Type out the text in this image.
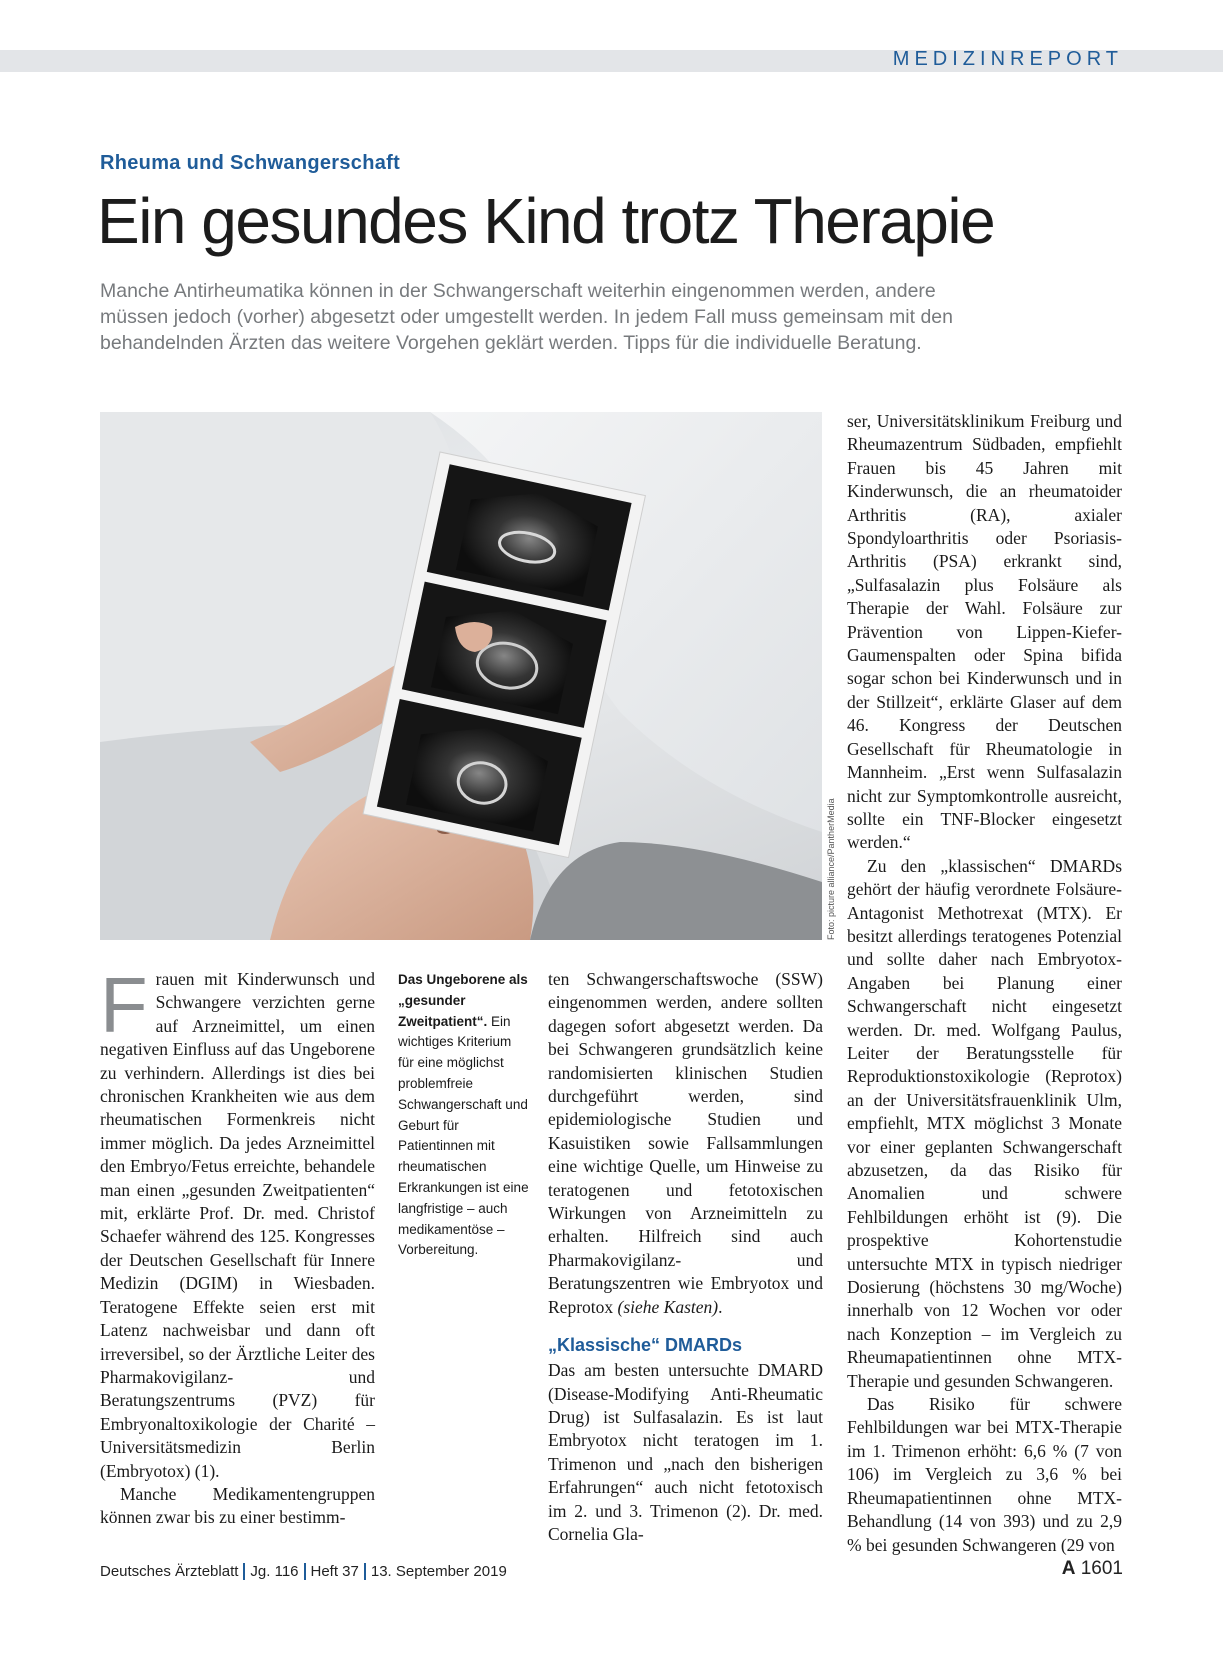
MEDIZINREPORT
Rheuma und Schwangerschaft
Ein gesundes Kind trotz Therapie

Manche Antirheumatika können in der Schwangerschaft weiterhin eingenommen werden, andere müssen jedoch (vorher) abgesetzt oder umgestellt werden. In jedem Fall muss gemeinsam mit den behandelnden Ärzten das weitere Vorgehen geklärt werden. Tipps für die individuelle Beratung.

Foto: picture alliance/PantherMedia
F rauen mit Kinderwunsch und Schwangere verzichten gerne auf Arzneimittel, um einen negativen Einfluss auf das Ungeborene zu verhindern. Allerdings ist dies bei chronischen Krankheiten wie aus dem rheumatischen Formenkreis nicht immer möglich. Da jedes Arzneimittel den Embryo/Fetus erreichte, behandele man einen „gesunden Zweitpatienten“ mit, erklärte Prof. Dr. med. Christof Schaefer während des 125. Kongresses der Deutschen Gesellschaft für Innere Medizin (DGIM) in Wiesbaden. Teratogene Effekte seien erst mit Latenz nachweisbar und dann oft irreversibel, so der Ärztliche Leiter des Pharmakovigilanz- und Beratungszentrums (PVZ) für Embryonaltoxikologie der Charité – Universitätsmedizin Berlin (Embryotox) (1).

Manche Medikamentengruppen können zwar bis zu einer bestimm-

Das Ungeborene als „gesunder Zweitpatient“. Ein wichtiges Kriterium für eine möglichst problemfreie Schwangerschaft und Geburt für Patientinnen mit rheumatischen Erkrankungen ist eine langfristige – auch medikamentöse – Vorbereitung.

ten Schwangerschaftswoche (SSW) eingenommen werden, andere sollten dagegen sofort abgesetzt werden. Da bei Schwangeren grundsätzlich keine randomisierten klinischen Studien durchgeführt werden, sind epidemiologische Studien und Kasuistiken sowie Fallsammlungen eine wichtige Quelle, um Hinweise zu teratogenen und fetotoxischen Wirkungen von Arzneimitteln zu erhalten. Hilfreich sind auch Pharmakovigilanz- und Beratungszentren wie Embryotox und Reprotox (siehe Kasten).

„Klassische“ DMARDs

Das am besten untersuchte DMARD (Disease-Modifying Anti-Rheumatic Drug) ist Sulfasalazin. Es ist laut Embryotox nicht teratogen im 1. Trimenon und „nach den bisherigen Erfahrungen“ auch nicht fetotoxisch im 2. und 3. Trimenon (2). Dr. med. Cornelia Gla-

ser, Universitätsklinikum Freiburg und Rheumazentrum Südbaden, empfiehlt Frauen bis 45 Jahren mit Kinderwunsch, die an rheumatoider Arthritis (RA), axialer Spondyloarthritis oder Psoriasis-Arthritis (PSA) erkrankt sind, „Sulfasalazin plus Folsäure als Therapie der Wahl. Folsäure zur Prävention von Lippen-Kiefer-Gaumenspalten oder Spina bifida sogar schon bei Kinderwunsch und in der Stillzeit“, erklärte Glaser auf dem 46. Kongress der Deutschen Gesellschaft für Rheumatologie in Mannheim. „Erst wenn Sulfasalazin nicht zur Symptomkontrolle ausreicht, sollte ein TNF-Blocker eingesetzt werden.“

Zu den „klassischen“ DMARDs gehört der häufig verordnete Folsäure-Antagonist Methotrexat (MTX). Er besitzt allerdings teratogenes Potenzial und sollte daher nach Embryotox-Angaben bei Planung einer Schwangerschaft nicht eingesetzt werden. Dr. med. Wolfgang Paulus, Leiter der Beratungsstelle für Reproduktionstoxikologie (Reprotox) an der Universitätsfrauenklinik Ulm, empfiehlt, MTX möglichst 3 Monate vor einer geplanten Schwangerschaft abzusetzen, da das Risiko für Anomalien und schwere Fehlbildungen erhöht ist (9). Die prospektive Kohortenstudie untersuchte MTX in typisch niedriger Dosierung (höchstens 30 mg/Woche) innerhalb von 12 Wochen vor oder nach Konzeption – im Vergleich zu Rheumapatientinnen ohne MTX-Therapie und gesunden Schwangeren.

Das Risiko für schwere Fehlbildungen war bei MTX-Therapie im 1. Trimenon erhöht: 6,6 % (7 von 106) im Vergleich zu 3,6 % bei Rheumapatientinnen ohne MTX-Behandlung (14 von 393) und zu 2,9 % bei gesunden Schwangeren (29 von

Deutsches Ärzteblatt Jg. 116 Heft 37 13. September 2019	A 1601
